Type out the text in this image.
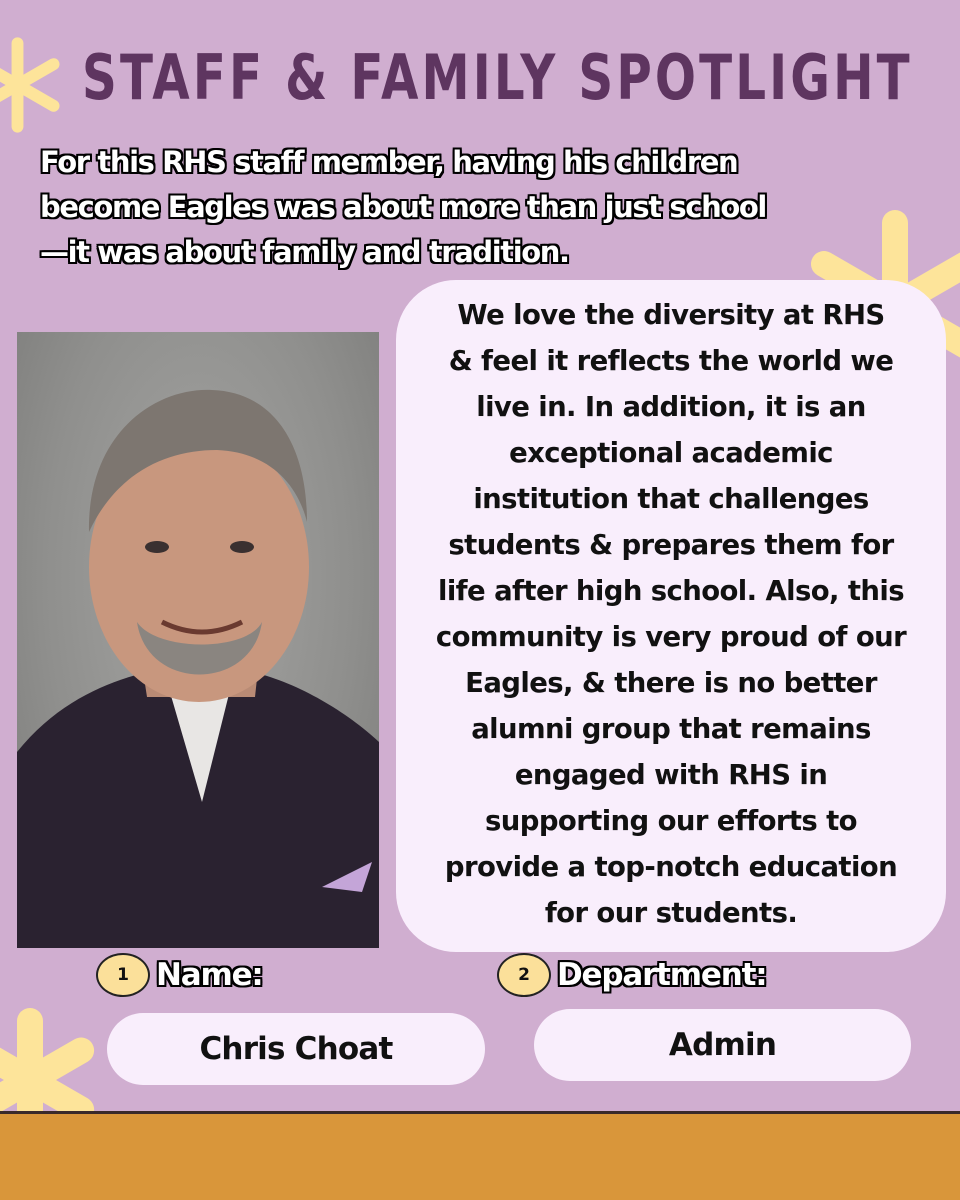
STAFF & FAMILY SPOTLIGHT
For this RHS staff member, having his children
become Eagles was about more than just school
—it was about family and tradition.
We love the diversity at RHS
& feel it reflects the world we
live in. In addition, it is an
exceptional academic
institution that challenges
students & prepares them for
life after high school. Also, this
community is very proud of our
Eagles, & there is no better
alumni group that remains
engaged with RHS in
supporting our efforts to
provide a top-notch education
for our students.
1 Name:
Chris Choat
2 Department:
Admin
